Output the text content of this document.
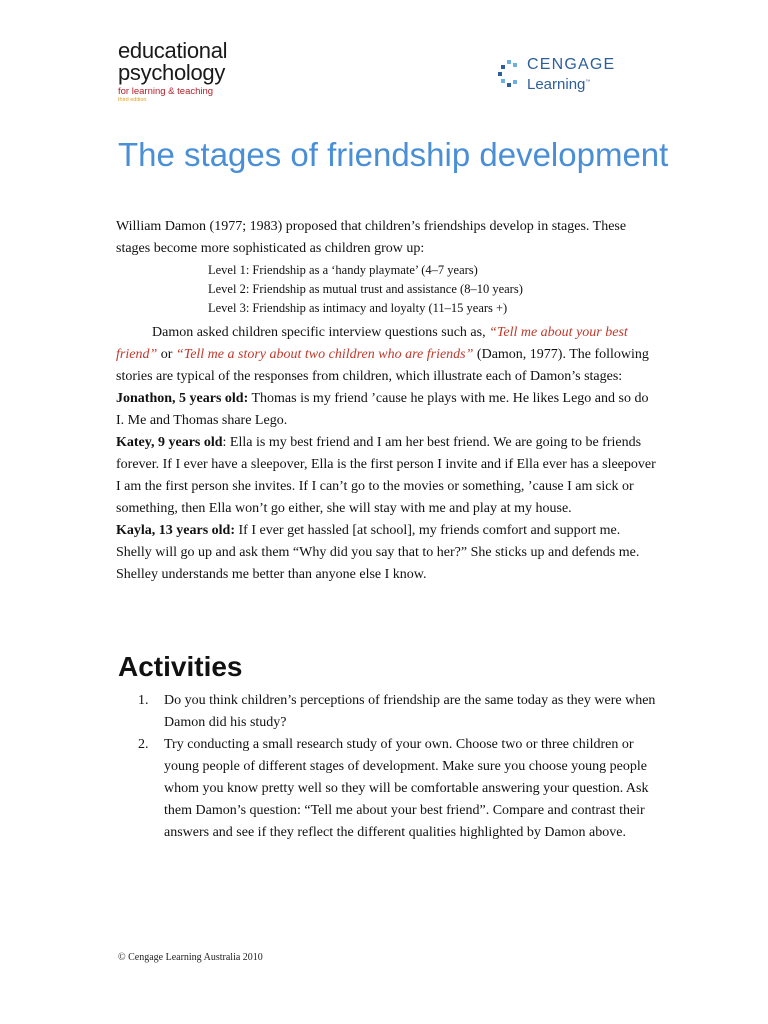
educational
psychology
for learning & teaching
third edition
CENGAGE
Learning™
The stages of friendship development

William Damon (1977; 1983) proposed that children’s friendships develop in stages. These stages become more sophisticated as children grow up:

Level 1: Friendship as a ‘handy playmate’ (4–7 years)
Level 2: Friendship as mutual trust and assistance (8–10 years)
Level 3: Friendship as intimacy and loyalty (11–15 years +)

Damon asked children specific interview questions such as, “Tell me about your best friend” or “Tell me a story about two children who are friends” (Damon, 1977). The following stories are typical of the responses from children, which illustrate each of Damon’s stages:

Jonathon, 5 years old: Thomas is my friend ’cause he plays with me. He likes Lego and so do I. Me and Thomas share Lego.

Katey, 9 years old: Ella is my best friend and I am her best friend. We are going to be friends forever. If I ever have a sleepover, Ella is the first person I invite and if Ella ever has a sleepover I am the first person she invites. If I can’t go to the movies or something, ’cause I am sick or something, then Ella won’t go either, she will stay with me and play at my house.

Kayla, 13 years old: If I ever get hassled [at school], my friends comfort and support me. Shelly will go up and ask them “Why did you say that to her?” She sticks up and defends me. Shelley understands me better than anyone else I know.

Activities
1. Do you think children’s perceptions of friendship are the same today as they were when Damon did his study?
2. Try conducting a small research study of your own. Choose two or three children or young people of different stages of development. Make sure you choose young people whom you know pretty well so they will be comfortable answering your question. Ask them Damon’s question: “Tell me about your best friend”. Compare and contrast their answers and see if they reflect the different qualities highlighted by Damon above.
© Cengage Learning Australia 2010
